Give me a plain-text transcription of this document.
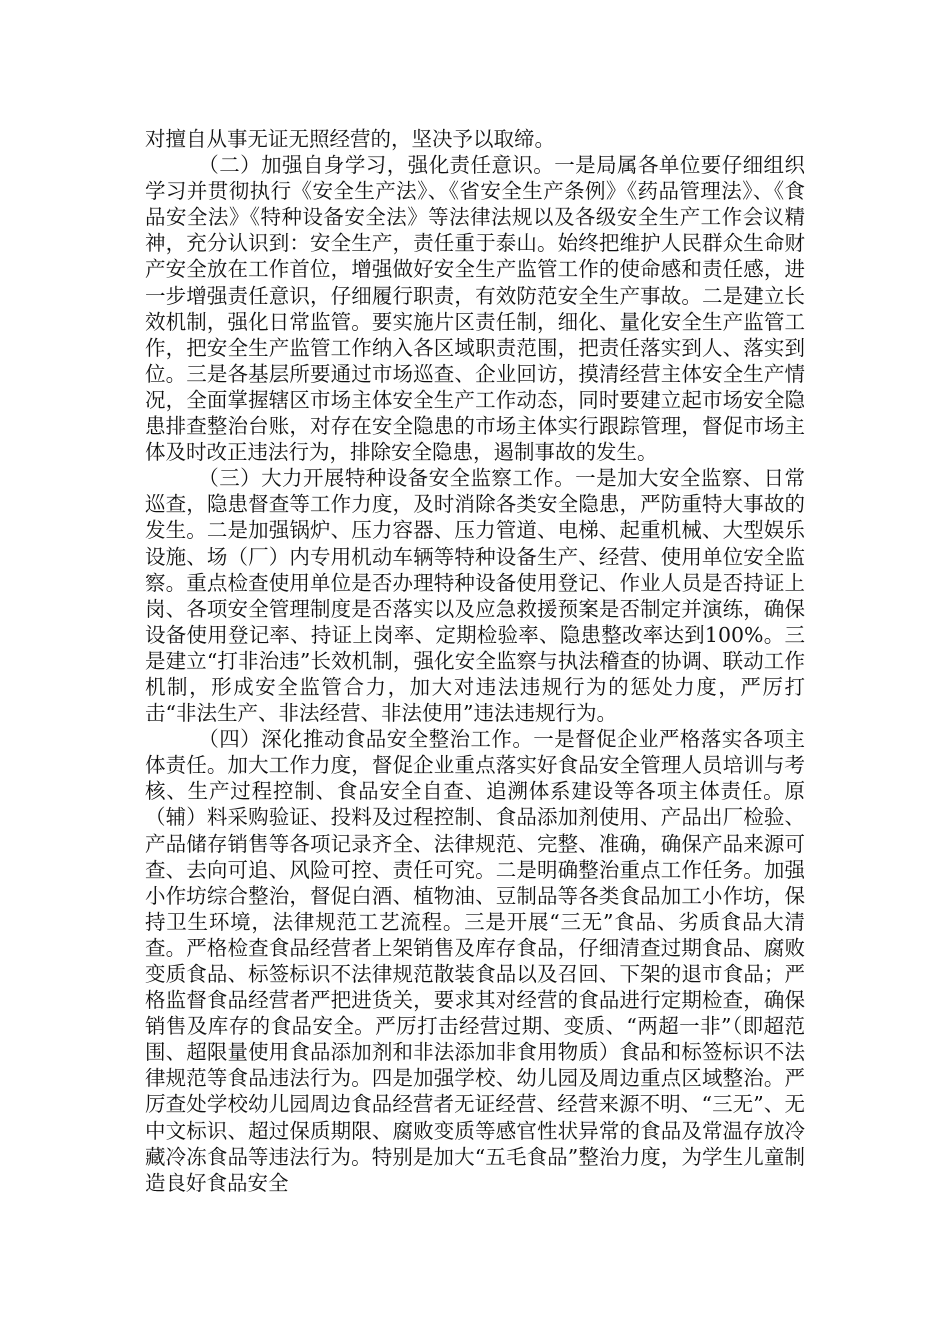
对擅自从事无证无照经营的，坚决予以取缔。

（二）加强自身学习，强化责任意识。一是局属各单位要仔细组织学习并贯彻执行《安全生产法》、《省安全生产条例》《药品管理法》、《食品安全法》《特种设备安全法》等法律法规以及各级安全生产工作会议精神，充分认识到：安全生产，责任重于泰山。始终把维护人民群众生命财产安全放在工作首位，增强做好安全生产监管工作的使命感和责任感，进一步增强责任意识，仔细履行职责，有效防范安全生产事故。二是建立长效机制，强化日常监管。要实施片区责任制，细化、量化安全生产监管工作，把安全生产监管工作纳入各区域职责范围，把责任落实到人、落实到位。三是各基层所要通过市场巡查、企业回访，摸清经营主体安全生产情况，全面掌握辖区市场主体安全生产工作动态，同时要建立起市场安全隐患排查整治台账，对存在安全隐患的市场主体实行跟踪管理，督促市场主体及时改正违法行为，排除安全隐患，遏制事故的发生。

（三）大力开展特种设备安全监察工作。一是加大安全监察、日常巡查，隐患督查等工作力度，及时消除各类安全隐患，严防重特大事故的发生。二是加强锅炉、压力容器、压力管道、电梯、起重机械、大型娱乐设施、场（厂）内专用机动车辆等特种设备生产、经营、使用单位安全监察。重点检查使用单位是否办理特种设备使用登记、作业人员是否持证上岗、各项安全管理制度是否落实以及应急救援预案是否制定并演练，确保设备使用登记率、持证上岗率、定期检验率、隐患整改率达到100%。三是建立“打非治违”长效机制，强化安全监察与执法稽查的协调、联动工作机制，形成安全监管合力，加大对违法违规行为的惩处力度，严厉打击“非法生产、非法经营、非法使用”违法违规行为。

（四）深化推动食品安全整治工作。一是督促企业严格落实各项主体责任。加大工作力度，督促企业重点落实好食品安全管理人员培训与考核、生产过程控制、食品安全自查、追溯体系建设等各项主体责任。原（辅）料采购验证、投料及过程控制、食品添加剂使用、产品出厂检验、产品储存销售等各项记录齐全、法律规范、完整、准确，确保产品来源可查、去向可追、风险可控、责任可究。二是明确整治重点工作任务。加强小作坊综合整治，督促白酒、植物油、豆制品等各类食品加工小作坊，保持卫生环境，法律规范工艺流程。三是开展“三无”食品、劣质食品大清查。严格检查食品经营者上架销售及库存食品，仔细清查过期食品、腐败变质食品、标签标识不法律规范散装食品以及召回、下架的退市食品；严格监督食品经营者严把进货关，要求其对经营的食品进行定期检查，确保销售及库存的食品安全。严厉打击经营过期、变质、“两超一非”（即超范围、超限量使用食品添加剂和非法添加非食用物质）食品和标签标识不法律规范等食品违法行为。四是加强学校、幼儿园及周边重点区域整治。严厉查处学校幼儿园周边食品经营者无证经营、经营来源不明、“三无”、无中文标识、超过保质期限、腐败变质等感官性状异常的食品及常温存放冷藏冷冻食品等违法行为。特别是加大“五毛食品”整治力度，为学生儿童制造良好食品安全
